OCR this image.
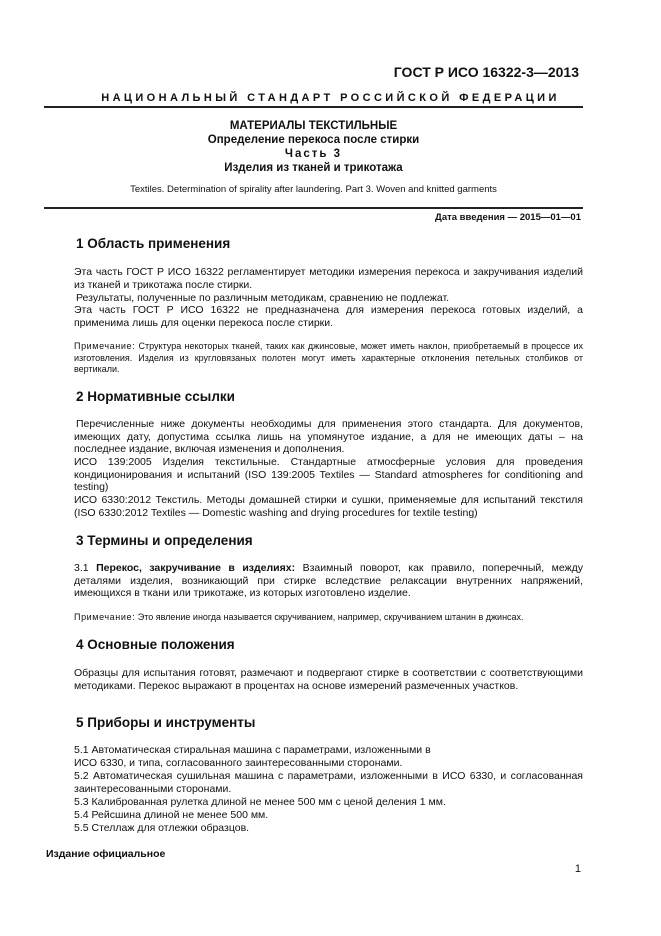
ГОСТ Р ИСО 16322-3—2013
НАЦИОНАЛЬНЫЙ СТАНДАРТ РОССИЙСКОЙ ФЕДЕРАЦИИ
МАТЕРИАЛЫ ТЕКСТИЛЬНЫЕ
Определение перекоса после стирки
Часть 3
Изделия из тканей и трикотажа
Textiles. Determination of spirality after laundering. Part 3. Woven and knitted garments
Дата введения — 2015—01—01
1 Область применения
Эта часть ГОСТ Р ИСО 16322 регламентирует методики измерения перекоса и закручивания изделий из тканей и трикотажа после стирки.
Результаты, полученные по различным методикам, сравнению не подлежат.
Эта часть ГОСТ Р ИСО 16322 не предназначена для измерения перекоса готовых изделий, а применима лишь для оценки перекоса после стирки.
Примечание: Структура некоторых тканей, таких как джинсовые, может иметь наклон, приобретаемый в процессе их изготовления. Изделия из кругловязаных полотен могут иметь характерные отклонения петельных столбиков от вертикали.
2 Нормативные ссылки
Перечисленные ниже документы необходимы для применения этого стандарта. Для документов, имеющих дату, допустима ссылка лишь на упомянутое издание, а для не имеющих даты – на последнее издание, включая изменения и дополнения.
ИСО 139:2005 Изделия текстильные. Стандартные атмосферные условия для проведения кондиционирования и испытаний (ISO 139:2005 Textiles — Standard atmospheres for conditioning and testing)
ИСО 6330:2012 Текстиль. Методы домашней стирки и сушки, применяемые для испытаний текстиля (ISO 6330:2012 Textiles — Domestic washing and drying procedures for textile testing)
3 Термины и определения
3.1 Перекос, закручивание в изделиях: Взаимный поворот, как правило, поперечный, между деталями изделия, возникающий при стирке вследствие релаксации внутренних напряжений, имеющихся в ткани или трикотаже, из которых изготовлено изделие.
Примечание: Это явление иногда называется скручиванием, например, скручиванием штанин в джинсах.
4 Основные положения
Образцы для испытания готовят, размечают и подвергают стирке в соответствии с соответствующими методиками. Перекос выражают в процентах на основе измерений размеченных участков.
5 Приборы и инструменты
5.1 Автоматическая стиральная машина с параметрами, изложенными в
ИСО 6330, и типа, согласованного заинтересованными сторонами.
5.2 Автоматическая сушильная машина с параметрами, изложенными в ИСО 6330, и согласованная заинтересованными сторонами.
5.3 Калиброванная рулетка длиной не менее 500 мм с ценой деления 1 мм.
5.4 Рейсшина длиной не менее 500 мм.
5.5 Стеллаж для отлежки образцов.
Издание официальное
1
